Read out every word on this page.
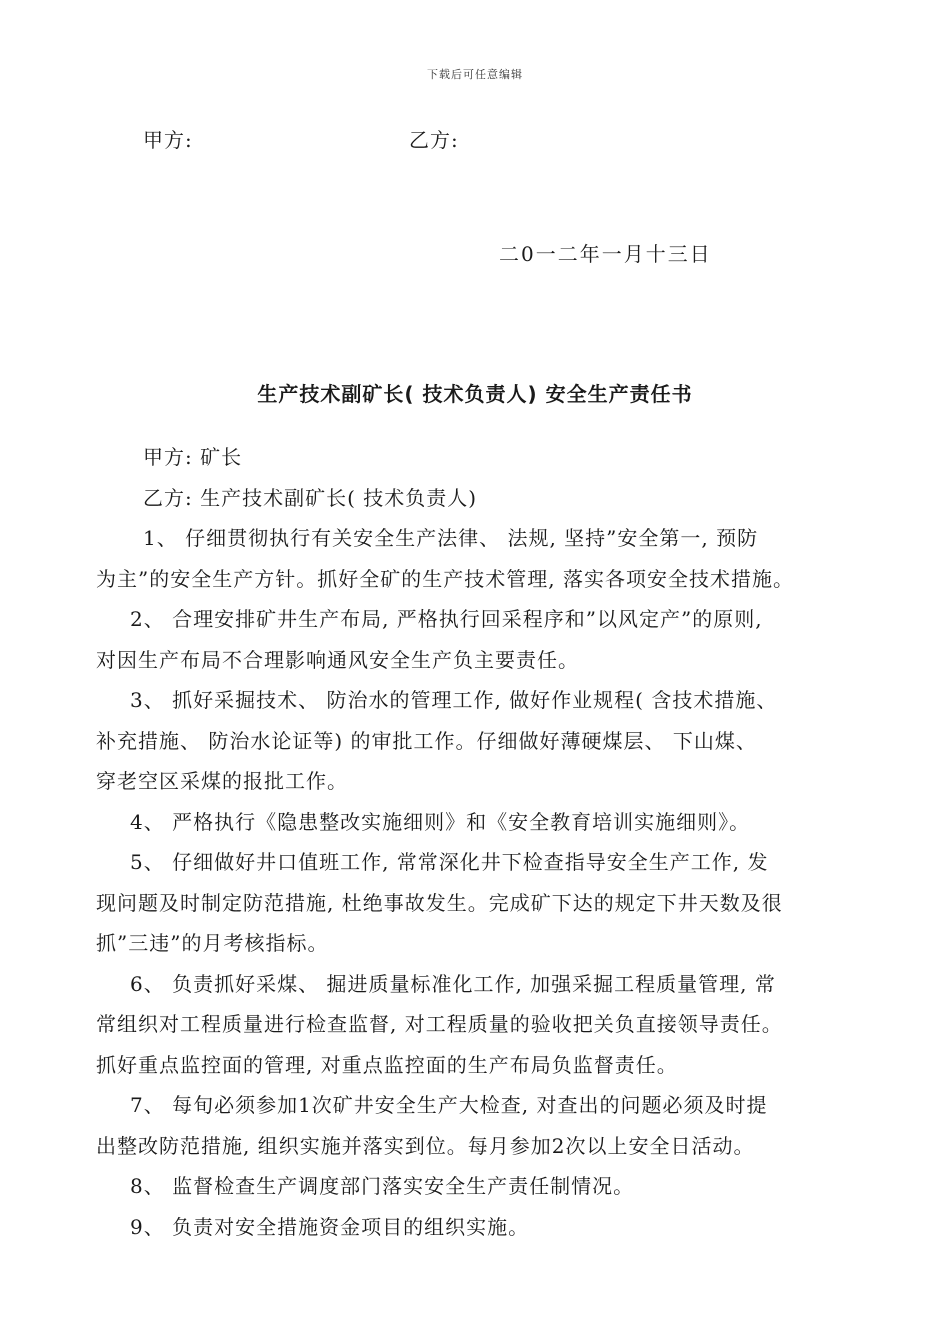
下载后可任意编辑
甲方:	乙方:
二0一二年一月十三日
生产技术副矿长( 技术负责人) 安全生产责任书
甲方: 矿长
乙方: 生产技术副矿长( 技术负责人)
1、 仔细贯彻执行有关安全生产法律、 法规, 坚持”安全第一, 预防
为主”的安全生产方针。抓好全矿的生产技术管理, 落实各项安全技术措施。
2、 合理安排矿井生产布局, 严格执行回采程序和”以风定产”的原则,
对因生产布局不合理影响通风安全生产负主要责任。
3、 抓好采掘技术、 防治水的管理工作, 做好作业规程( 含技术措施、
补充措施、 防治水论证等) 的审批工作。仔细做好薄硬煤层、 下山煤、
穿老空区采煤的报批工作。
4、 严格执行《隐患整改实施细则》和《安全教育培训实施细则》。
5、 仔细做好井口值班工作, 常常深化井下检查指导安全生产工作, 发
现问题及时制定防范措施, 杜绝事故发生。完成矿下达的规定下井天数及很
抓”三违”的月考核指标。
6、 负责抓好采煤、 掘进质量标准化工作, 加强采掘工程质量管理, 常
常组织对工程质量进行检查监督, 对工程质量的验收把关负直接领导责任。
抓好重点监控面的管理, 对重点监控面的生产布局负监督责任。
7、 每旬必须参加1次矿井安全生产大检查, 对查出的问题必须及时提
出整改防范措施, 组织实施并落实到位。每月参加2次以上安全日活动。
8、 监督检查生产调度部门落实安全生产责任制情况。
9、 负责对安全措施资金项目的组织实施。
